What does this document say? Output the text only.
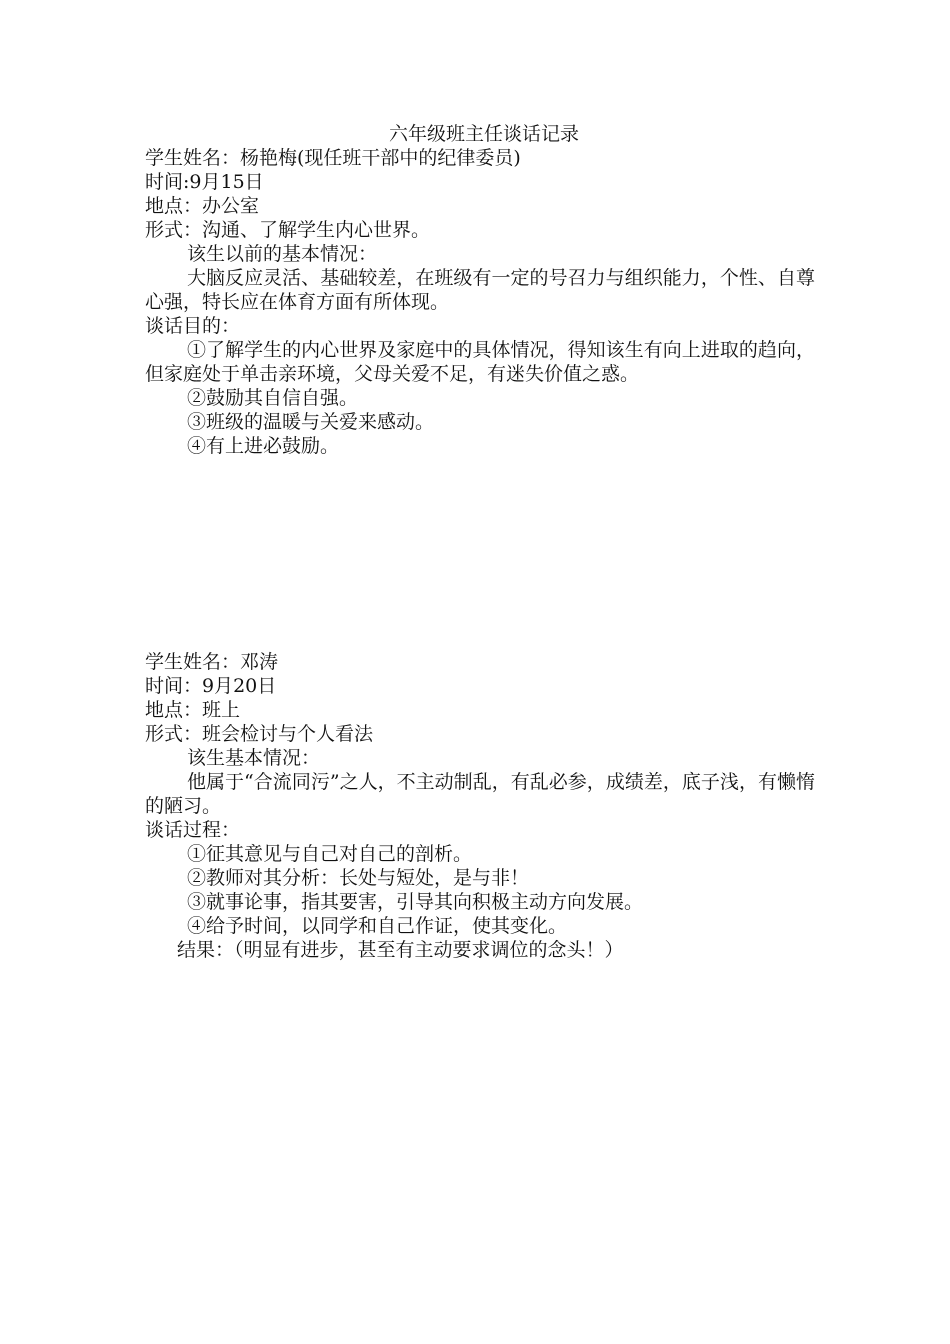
六年级班主任谈话记录
学生姓名：杨艳梅(现任班干部中的纪律委员)
时间:9月15日
地点：办公室
形式：沟通、了解学生内心世界。
该生以前的基本情况：
大脑反应灵活、基础较差，在班级有一定的号召力与组织能力，个性、自尊心强，特长应在体育方面有所体现。
谈话目的：
①了解学生的内心世界及家庭中的具体情况，得知该生有向上进取的趋向，但家庭处于单击亲环境，父母关爱不足，有迷失价值之惑。
②鼓励其自信自强。
③班级的温暖与关爱来感动。
④有上进必鼓励。
学生姓名：邓涛
时间：9月20日
地点：班上
形式：班会检讨与个人看法
该生基本情况：
他属于“合流同污”之人，不主动制乱，有乱必参，成绩差，底子浅，有懒惰的陋习。
谈话过程：
①征其意见与自己对自己的剖析。
②教师对其分析：长处与短处，是与非！
③就事论事，指其要害，引导其向积极主动方向发展。
④给予时间，以同学和自己作证，使其变化。
结果：（明显有进步，甚至有主动要求调位的念头！）
